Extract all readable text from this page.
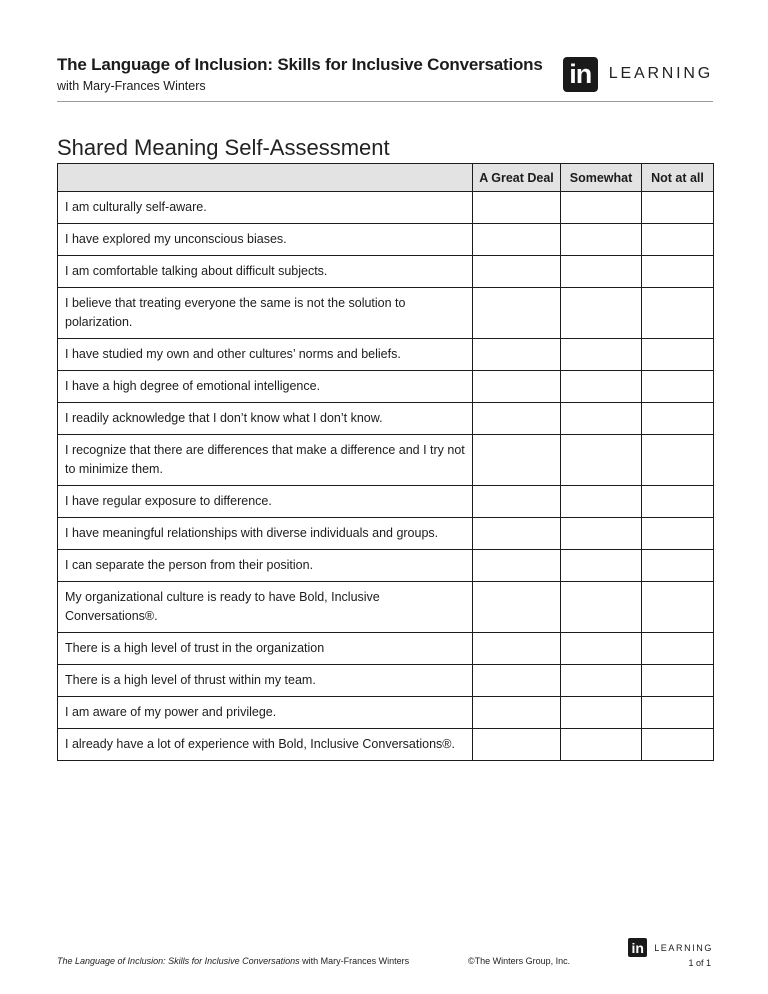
The Language of Inclusion: Skills for Inclusive Conversations
with Mary-Frances Winters	in	LEARNING
Shared Meaning Self-Assessment
	A Great Deal	Somewhat	Not at all
I am culturally self-aware.			
I have explored my unconscious biases.			
I am comfortable talking about difficult subjects.			
I believe that treating everyone the same is not the solution to polarization.			
I have studied my own and other cultures’ norms and beliefs.			
I have a high degree of emotional intelligence.			
I readily acknowledge that I don’t know what I don’t know.			
I recognize that there are differences that make a difference and I try not to minimize them.			
I have regular exposure to difference.			
I have meaningful relationships with diverse individuals and groups.			
I can separate the person from their position.			
My organizational culture is ready to have Bold, Inclusive Conversations®.			
There is a high level of trust in the organization			
There is a high level of thrust within my team.			
I am aware of my power and privilege.			
I already have a lot of experience with Bold, Inclusive Conversations®.			
The Language of Inclusion: Skills for Inclusive Conversations with Mary-Frances Winters	©The Winters Group, Inc.
in	LEARNING
1 of 1
